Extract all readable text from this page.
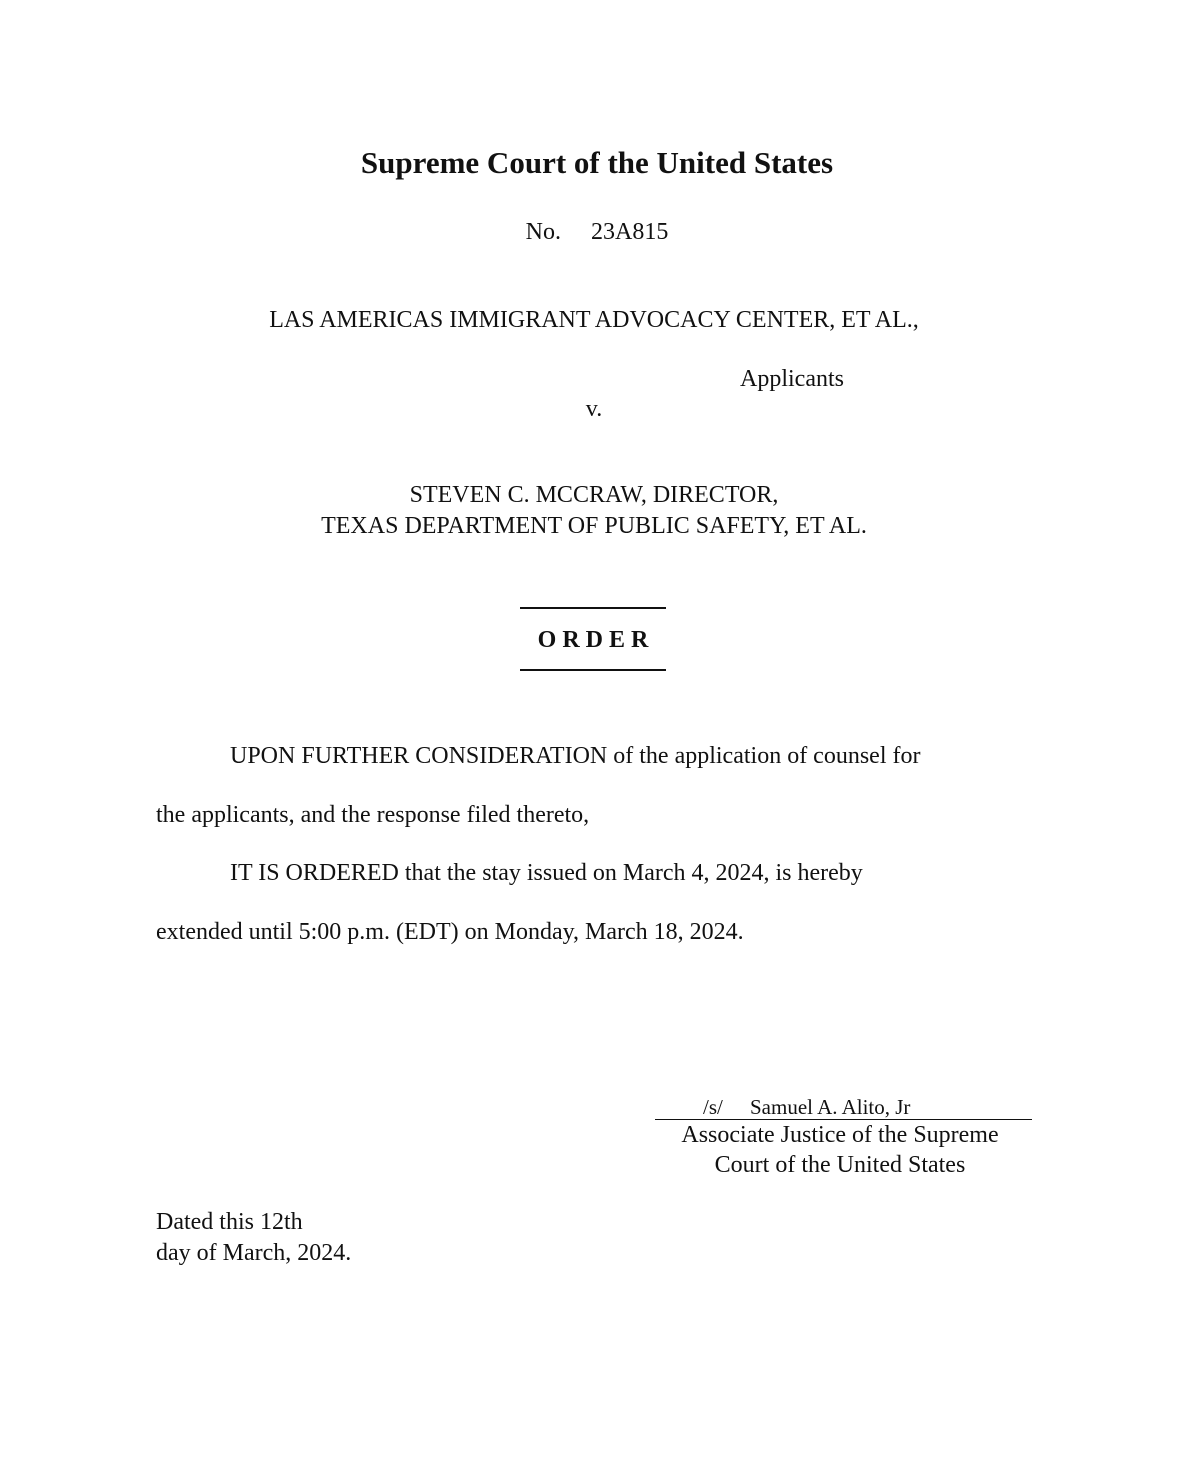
Supreme Court of the United States
No. 23A815
LAS AMERICAS IMMIGRANT ADVOCACY CENTER, ET AL.,
Applicants
v.
STEVEN C. MCCRAW, DIRECTOR,
TEXAS DEPARTMENT OF PUBLIC SAFETY, ET AL.
ORDER
UPON FURTHER CONSIDERATION of the application of counsel for
the applicants, and the response filed thereto,
IT IS ORDERED that the stay issued on March 4, 2024, is hereby
extended until 5:00 p.m. (EDT) on Monday, March 18, 2024.
/s/ Samuel A. Alito, Jr
Associate Justice of the Supreme
Court of the United States
Dated this 12th
day of March, 2024.
